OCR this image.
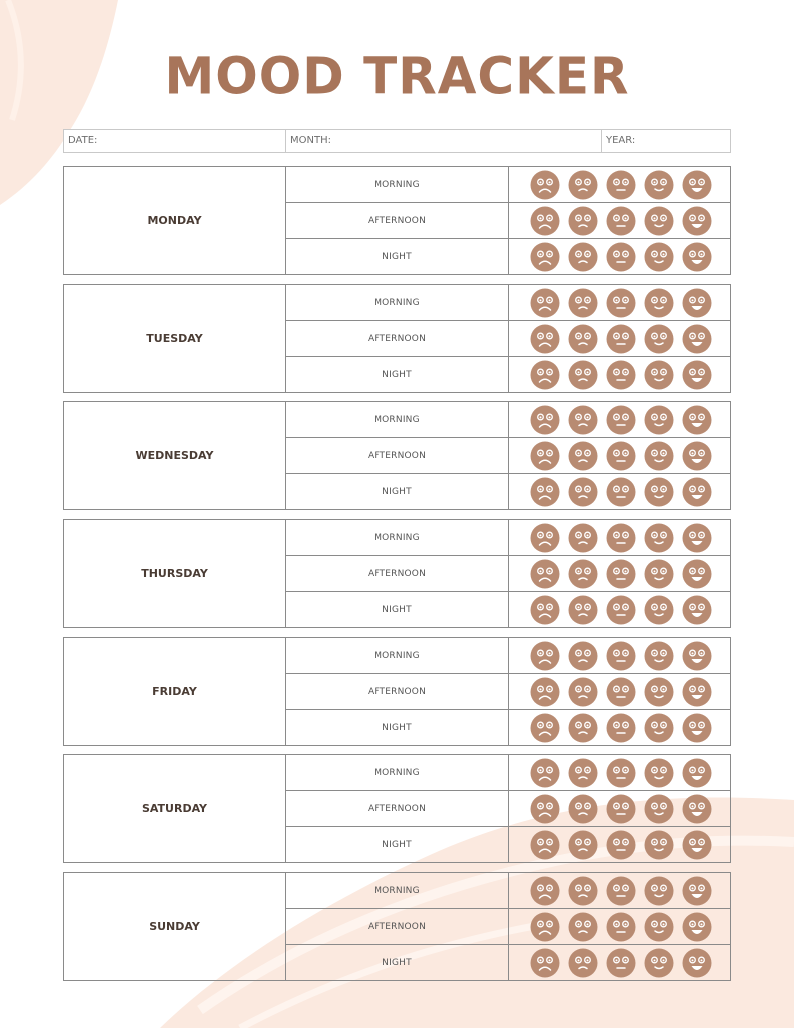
MOOD TRACKER
DATE:	MONTH:	YEAR:
MONDAY
MORNING
AFTERNOON
NIGHT
TUESDAY
MORNING
AFTERNOON
NIGHT
WEDNESDAY
MORNING
AFTERNOON
NIGHT
THURSDAY
MORNING
AFTERNOON
NIGHT
FRIDAY
MORNING
AFTERNOON
NIGHT
SATURDAY
MORNING
AFTERNOON
NIGHT
SUNDAY
MORNING
AFTERNOON
NIGHT
